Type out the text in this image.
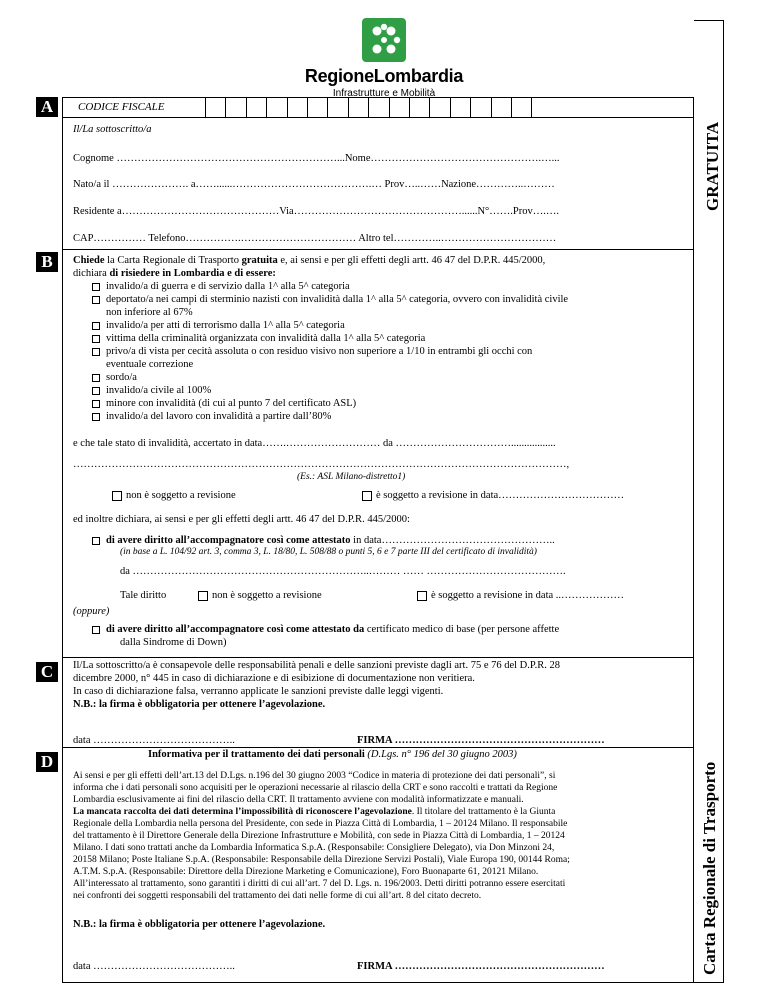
RegioneLombardia
Infrastrutture e Mobilità
A
B
C
D
GRATUITA
Carta Regionale di Trasporto
CODICE FISCALE
Il/La sottoscritto/a
Cognome ………………………………………………………...Nome………………………………………….…...
Nato/a il …………………. a……......………………………………….… Prov…..……Nazione…………..………
Residente a………………………………………Via…………………………………………......N°…….Prov….….
CAP…………… Telefono…………….…………………………… Altro tel…………..……………………………
Chiede la Carta Regionale di Trasporto gratuita e, ai sensi e per gli effetti degli artt. 46 47 del D.P.R. 445/2000,
dichiara di risiedere in Lombardia e di essere:
invalido/a di guerra e di servizio dalla 1^ alla 5^ categoria
deportato/a nei campi di sterminio nazisti con invalidità dalla 1^ alla 5^ categoria, ovvero con invalidità civile
non inferiore al 67%
invalido/a per atti di terrorismo dalla 1^ alla 5^ categoria
vittima della criminalità organizzata con invalidità dalla 1^ alla 5^ categoria
privo/a di vista per cecità assoluta o con residuo visivo non superiore a 1/10 in entrambi gli occhi con
eventuale correzione
sordo/a
invalido/a civile al 100%
minore con invalidità (di cui al punto 7 del certificato ASL)
invalido/a del lavoro con invalidità a partire dall’80%
e che tale stato di invalidità, accertato in data…….……………………… da …………………………….................
……………………………………………………………………………………………………………………………,
(Es.: ASL Milano-distretto1)
non è soggetto a revisione	è soggetto a revisione in data………………………………
ed inoltre dichiara, ai sensi e per gli effetti degli artt. 46 47 del D.P.R. 445/2000:
di avere diritto all’accompagnatore così come attestato in data…………………………………………..
(in base a L. 104/92 art. 3, comma 3, L. 18/80, L. 508/88 o punti 5, 6 e 7 parte III del certificato di invalidità)
da …………………………………………………………..……… …… ………………………………….
Tale diritto	non è soggetto a revisione	è soggetto a revisione in data ..………………
(oppure)
di avere diritto all’accompagnatore così come attestato da certificato medico di base (per persone affette
dalla Sindrome di Down)
Il/La sottoscritto/a è consapevole delle responsabilità penali e delle sanzioni previste dagli art. 75 e 76 del D.P.R. 28
dicembre 2000, n° 445 in caso di dichiarazione e di esibizione di documentazione non veritiera.
In caso di dichiarazione falsa, verranno applicate le sanzioni previste dalle leggi vigenti.
N.B.: la firma è obbligatoria per ottenere l’agevolazione.
data …………………………………..	FIRMA ……………………………………………………
Informativa per il trattamento dei dati personali (D.Lgs. n° 196 del 30 giugno 2003)
Ai sensi e per gli effetti dell’art.13 del D.Lgs. n.196 del 30 giugno 2003 “Codice in materia di protezione dei dati personali”, si
informa che i dati personali sono acquisiti per le operazioni necessarie al rilascio della CRT e sono raccolti e trattati da Regione
Lombardia esclusivamente ai fini del rilascio della CRT. Il trattamento avviene con modalità informatizzate e manuali.
La mancata raccolta dei dati determina l’impossibilità di riconoscere l’agevolazione. Il titolare del trattamento è la Giunta
Regionale della Lombardia nella persona del Presidente, con sede in Piazza Città di Lombardia, 1 – 20124 Milano. Il responsabile
del trattamento è il Direttore Generale della Direzione Infrastrutture e Mobilità, con sede in Piazza Città di Lombardia, 1 – 20124
Milano. I dati sono trattati anche da Lombardia Informatica S.p.A. (Responsabile: Consigliere Delegato), via Don Minzoni 24,
20158 Milano; Poste Italiane S.p.A. (Responsabile: Responsabile della Direzione Servizi Postali), Viale Europa 190, 00144 Roma;
A.T.M. S.p.A. (Responsabile: Direttore della Direzione Marketing e Comunicazione), Foro Buonaparte 61, 20121 Milano.
All’interessato al trattamento, sono garantiti i diritti di cui all’art. 7 del D. Lgs. n. 196/2003. Detti diritti potranno essere esercitati
nei confronti dei soggetti responsabili del trattamento dei dati nelle forme di cui all’art. 8 del citato decreto.
N.B.: la firma è obbligatoria per ottenere l’agevolazione.
data …………………………………..	FIRMA ……………………………………………………
